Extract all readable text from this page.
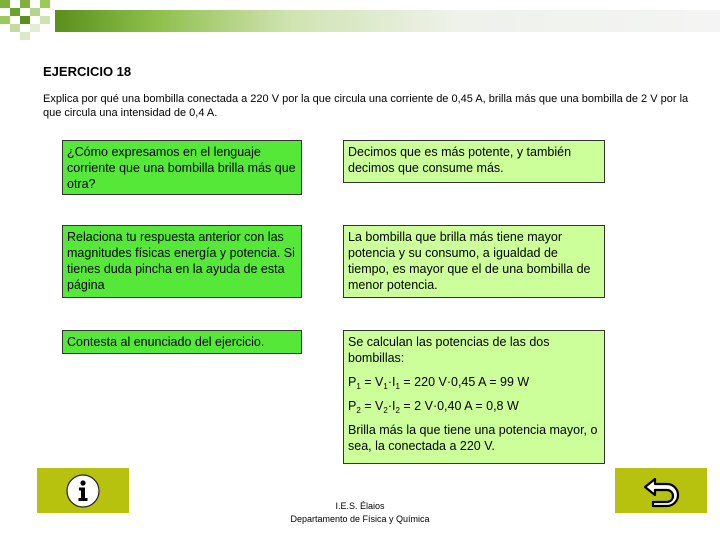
EJERCICIO 18
Explica por qué una bombilla conectada a 220 V por la que circula una corriente de 0,45 A, brilla más que una bombilla de 2 V por la que circula una intensidad de 0,4 A.
¿Cómo expresamos en el lenguaje corriente que una bombilla brilla más que otra?
Decimos que es más potente, y también decimos que consume más.
Relaciona tu respuesta anterior con las magnitudes físicas energía y potencia. Si tienes duda pincha en la ayuda de esta página
La bombilla que brilla más tiene mayor potencia y su consumo, a igualdad de tiempo, es mayor que el de una bombilla de menor potencia.
Contesta al enunciado del ejercicio.	Se calculan las potencias de las dos bombillas:

$P_1 = V_1\cdot I_1 = 220$ V·0,45 A = 99 W

$P_2 = V_2\cdot I_2 = 2$ V·0,40 A = 0,8 W

Brilla más la que tiene una potencia mayor, o sea, la conectada a 220 V.

I.E.S. Élaios
Departamento de Física y Química
